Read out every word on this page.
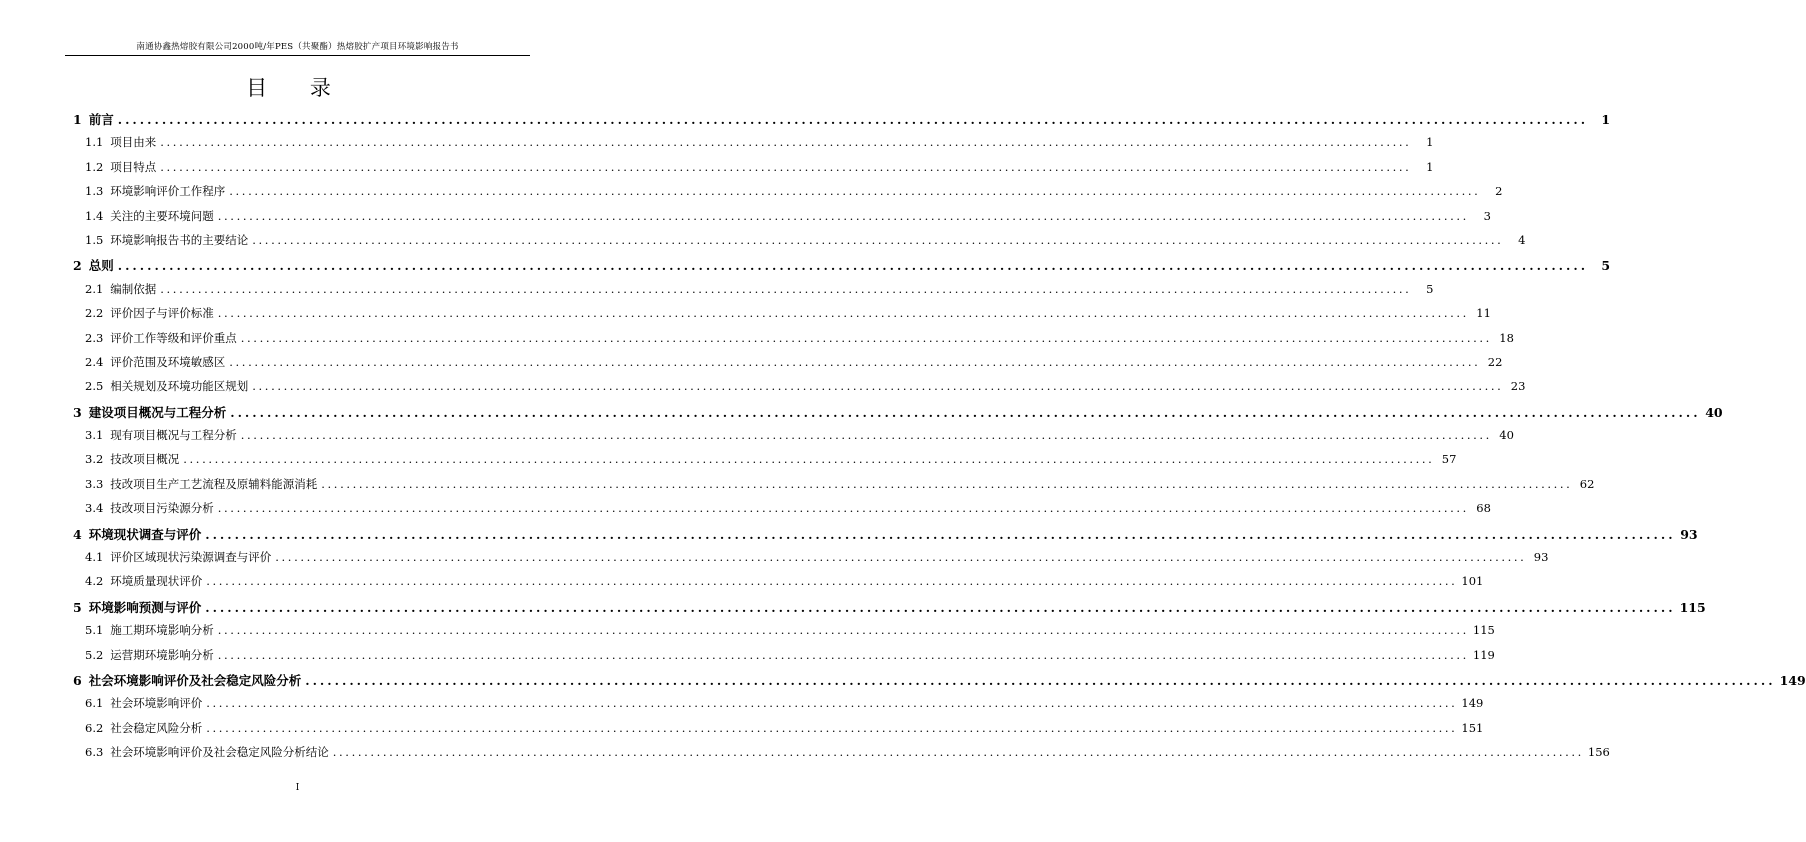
南通协鑫热熔胶有限公司2000吨/年PES（共聚酯）热熔胶扩产项目环境影响报告书
目 录
1 前言 ........................................................................................................................................................................................................	1
1.1 项目由来 ........................................................................................................................................................................................................	1
1.2 项目特点 ........................................................................................................................................................................................................	1
1.3 环境影响评价工作程序 ........................................................................................................................................................................................................	2
1.4 关注的主要环境问题 ........................................................................................................................................................................................................	3
1.5 环境影响报告书的主要结论 ........................................................................................................................................................................................................	4
2 总则 ........................................................................................................................................................................................................	5
2.1 编制依据 ........................................................................................................................................................................................................	5
2.2 评价因子与评价标准 ........................................................................................................................................................................................................ 11
2.3 评价工作等级和评价重点 ........................................................................................................................................................................................................ 18
2.4 评价范围及环境敏感区 ........................................................................................................................................................................................................ 22
2.5 相关规划及环境功能区规划 ........................................................................................................................................................................................................ 23
3 建设项目概况与工程分析 ........................................................................................................................................................................................................ 40
3.1 现有项目概况与工程分析 ........................................................................................................................................................................................................ 40
3.2 技改项目概况 ........................................................................................................................................................................................................ 57
3.3 技改项目生产工艺流程及原辅料能源消耗 ........................................................................................................................................................................................................ 62
3.4 技改项目污染源分析 ........................................................................................................................................................................................................ 68
4 环境现状调查与评价 ........................................................................................................................................................................................................ 93
4.1 评价区域现状污染源调查与评价 ........................................................................................................................................................................................................ 93
4.2 环境质量现状评价 ........................................................................................................................................................................................................ 101
5 环境影响预测与评价 ........................................................................................................................................................................................................ 115
5.1 施工期环境影响分析 ........................................................................................................................................................................................................ 115
5.2 运营期环境影响分析 ........................................................................................................................................................................................................ 119
6 社会环境影响评价及社会稳定风险分析 ........................................................................................................................................................................................................ 149
6.1 社会环境影响评价 ........................................................................................................................................................................................................ 149
6.2 社会稳定风险分析 ........................................................................................................................................................................................................ 151
6.3 社会环境影响评价及社会稳定风险分析结论 ........................................................................................................................................................................................................ 156
I
